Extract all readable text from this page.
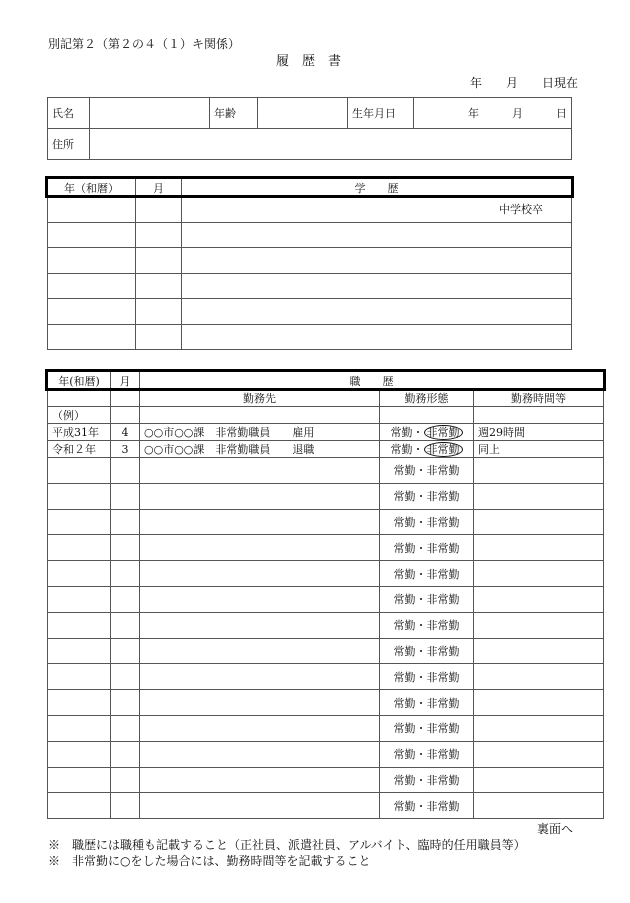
別記第２（第２の４（１）キ関係）
履　歴　書
年　　月　　日現在
氏名		年齢		生年月日	年　　　月　　　日
住所					
年（和暦）	月	学　　歴
		中学校卒

年(和暦)	月	職　　歴		
		勤務先	勤務形態	勤務時間等
（例）				
平成31年	4	○○市○○課　非常勤職員 雇用	常勤・ 非常勤	週29時間
令和２年	3	○○市○○課　非常勤職員 退職	常勤・ 非常勤	同上
			常勤・非常勤	
			常勤・非常勤	
			常勤・非常勤	
			常勤・非常勤	
			常勤・非常勤	
			常勤・非常勤	
			常勤・非常勤	
			常勤・非常勤	
			常勤・非常勤	
			常勤・非常勤	
			常勤・非常勤	
			常勤・非常勤	
			常勤・非常勤	
			常勤・非常勤	
裏面へ
※　職歴には職種も記載すること（正社員、派遣社員、アルバイト、臨時的任用職員等）
※　非常勤に○をした場合には、勤務時間等を記載すること
